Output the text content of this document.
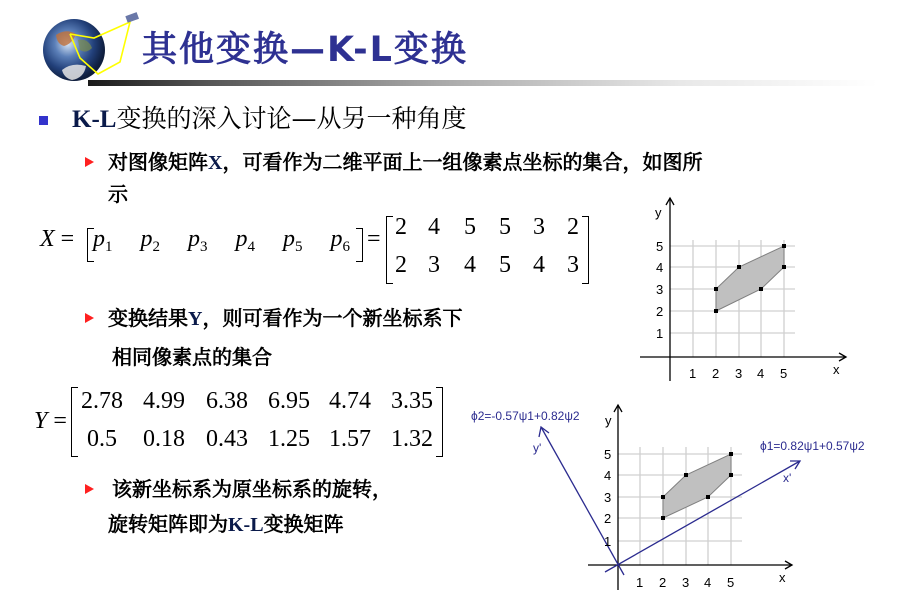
其他变换—K-L变换
K-L变换的深入讨论—从另一种角度
对图像矩阵X，可看作为二维平面上一组像素点坐标的集合，如图所
示
$X = p_1$ $p_2$ $p_3$ $p_4$ $p_5$ $p_6 = 2$ 4 5 5 3 2
2 3 4 5 4 3
变换结果Y，则可看作为一个新坐标系下
相同像素点的集合
Y =
2.78 4.99 6.38 6.95 4.74 3.35
0.5	0.18 0.43 1.25 1.57 1.32
该新坐标系为原坐标系的旋转，
旋转矩阵即为K-L变换矩阵
1 2 3 4 5
5
4
3
2
1
y
x
1 2 3 4 5
5
4
3
2
1
y
x
y'
x'
ϕ2=-0.57ψ1+0.82ψ2
ϕ1=0.82ψ1+0.57ψ2
